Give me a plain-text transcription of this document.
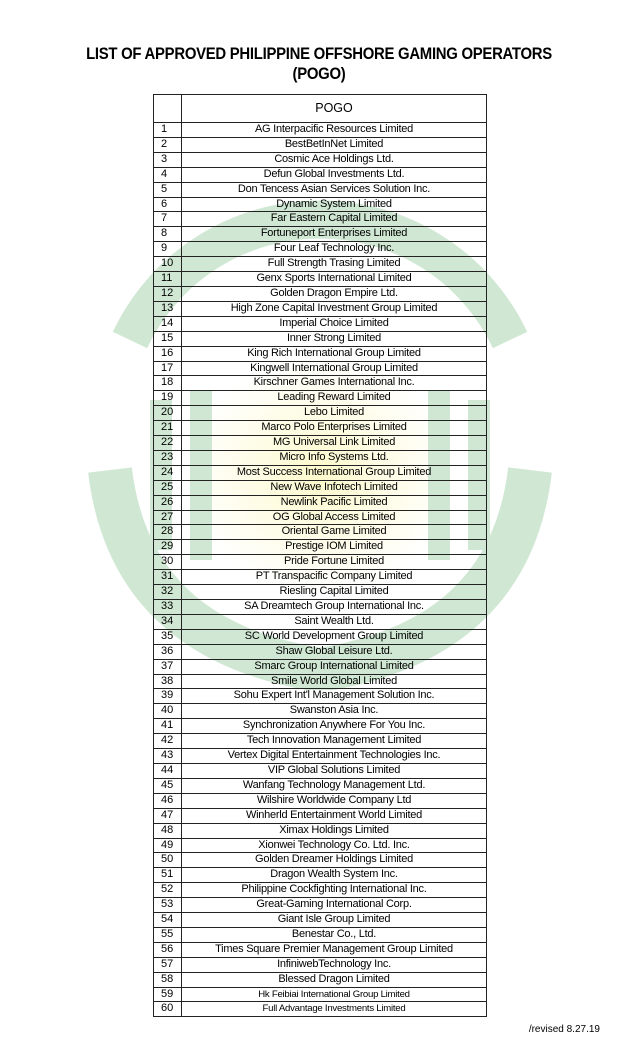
LIST OF APPROVED PHILIPPINE OFFSHORE GAMING OPERATORS
(POGO)
	POGO
1	AG Interpacific Resources Limited
2	BestBetInNet Limited
3	Cosmic Ace Holdings Ltd.
4	Defun Global Investments Ltd.
5	Don Tencess Asian Services Solution Inc.
6	Dynamic System Limited
7	Far Eastern Capital Limited
8	Fortuneport Enterprises Limited
9	Four Leaf Technology Inc.
10	Full Strength Trasing Limited
11	Genx Sports International Limited
12	Golden Dragon Empire Ltd.
13	High Zone Capital Investment Group Limited
14	Imperial Choice Limited
15	Inner Strong Limited
16	King Rich International Group Limited
17	Kingwell International Group Limited
18	Kirschner Games International Inc.
19	Leading Reward Limited
20	Lebo Limited
21	Marco Polo Enterprises Limited
22	MG Universal Link Limited
23	Micro Info Systems Ltd.
24	Most Success International Group Limited
25	New Wave Infotech Limited
26	Newlink Pacific Limited
27	OG Global Access Limited
28	Oriental Game Limited
29	Prestige IOM Limited
30	Pride Fortune Limited
31	PT Transpacific Company Limited
32	Riesling Capital Limited
33	SA Dreamtech Group International Inc.
34	Saint Wealth Ltd.
35	SC World Development Group Limited
36	Shaw Global Leisure Ltd.
37	Smarc Group International Limited
38	Smile World Global Limited
39	Sohu Expert Int'l Management Solution Inc.
40	Swanston Asia Inc.
41	Synchronization Anywhere For You Inc.
42	Tech Innovation Management Limited
43	Vertex Digital Entertainment Technologies Inc.
44	VIP Global Solutions Limited
45	Wanfang Technology Management Ltd.
46	Wilshire Worldwide Company Ltd
47	Winherld Entertainment World Limited
48	Ximax Holdings Limited
49	Xionwei Technology Co. Ltd. Inc.
50	Golden Dreamer Holdings Limited
51	Dragon Wealth System Inc.
52	Philippine Cockfighting International Inc.
53	Great-Gaming International Corp.
54	Giant Isle Group Limited
55	Benestar Co., Ltd.
56	Times Square Premier Management Group Limited
57	InfiniwebTechnology Inc.
58	Blessed Dragon Limited
59	Hk Feibiai International Group Limited
60	Full Advantage Investments Limited
/revised 8.27.19
